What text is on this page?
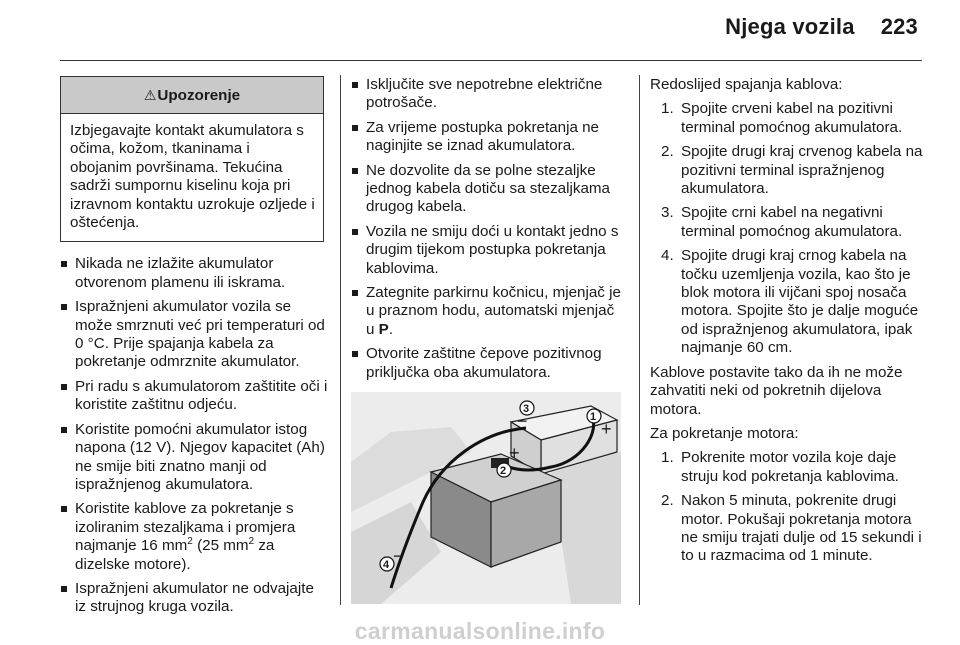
Njega vozila 223
⚠Upozorenje
Izbjegavajte kontakt akumulatora s očima, kožom, tkaninama i obojanim površinama. Tekućina sadrži sumpornu kiselinu koja pri izravnom kontaktu uzrokuje ozljede i oštećenja.
Nikada ne izlažite akumulator otvorenom plamenu ili iskrama.
Ispražnjeni akumulator vozila se može smrznuti već pri temperaturi od 0 °C. Prije spajanja kabela za pokretanje odmrznite akumulator.
Pri radu s akumulatorom zaštitite oči i koristite zaštitnu odjeću.
Koristite pomoćni akumulator istog napona (12 V). Njegov kapacitet (Ah) ne smije biti znatno manji od ispražnjenog akumulatora.
Koristite kablove za pokretanje s izoliranim stezaljkama i promjera najmanje 16 $mm^2$ (25 $mm^2$ za dizelske motore).
Ispražnjeni akumulator ne odvajajte iz strujnog kruga vozila.
Isključite sve nepotrebne električne potrošače.
Za vrijeme postupka pokretanja ne naginjite se iznad akumulatora.
Ne dozvolite da se polne stezaljke jednog kabela dotiču sa stezaljkama drugog kabela.
Vozila ne smiju doći u kontakt jedno s drugim tijekom postupka pokretanja kablovima.
Zategnite parkirnu kočnicu, mjenjač je u praznom hodu, automatski mjenjač u P.
Otvorite zaštitne čepove pozitivnog priključka oba akumulatora.
1
2
3
4
+
+
−
−

Redoslijed spajanja kablova:

1. Spojite crveni kabel na pozitivni terminal pomoćnog akumulatora.
2. Spojite drugi kraj crvenog kabela na pozitivni terminal ispražnjenog akumulatora.
3. Spojite crni kabel na negativni terminal pomoćnog akumulatora.
4. Spojite drugi kraj crnog kabela na točku uzemljenja vozila, kao što je blok motora ili vijčani spoj nosača motora. Spojite što je dalje moguće od ispražnjenog akumulatora, ipak najmanje 60 cm.

Kablove postavite tako da ih ne može zahvatiti neki od pokretnih dijelova motora.

Za pokretanje motora:

1. Pokrenite motor vozila koje daje struju kod pokretanja kablovima.
2. Nakon 5 minuta, pokrenite drugi motor. Pokušaji pokretanja motora ne smiju trajati dulje od 15 sekundi i to u razmacima od 1 minute.
carmanualsonline.info
